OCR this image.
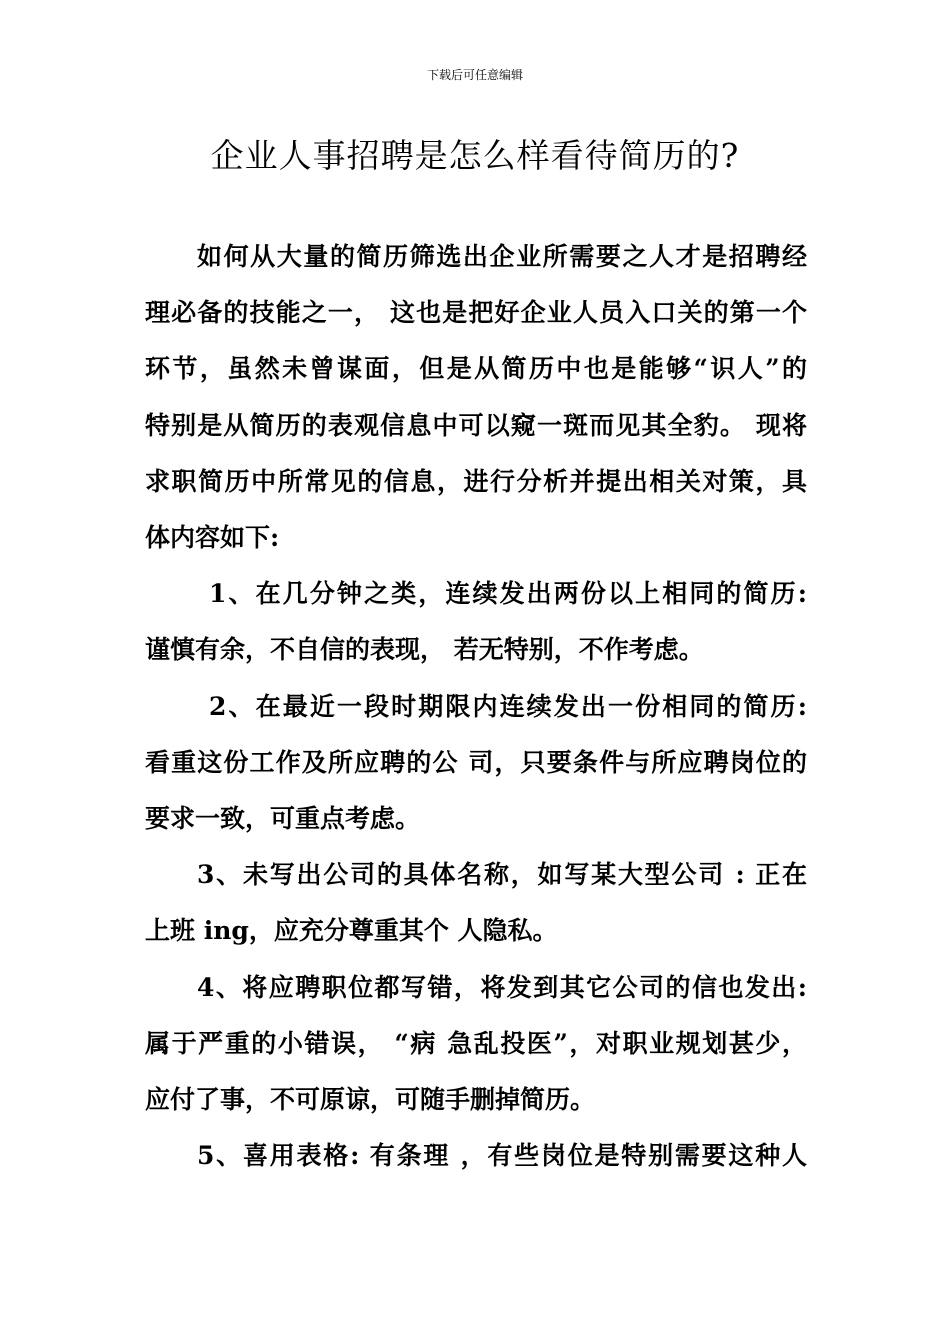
下载后可任意编辑
企业人事招聘是怎么样看待简历的?
如何从大量的简历筛选出企业所需要之人才是招聘经
理必备的技能之一， 这也是把好企业人员入口关的第一个
环节，虽然未曾谋面，但是从简历中也是能够“识人”的
特别是从简历的表观信息中可以窥一斑而见其全豹。 现将
求职简历中所常见的信息，进行分析并提出相关对策，具
体内容如下:
1、在几分钟之类，连续发出两份以上相同的简历:
谨慎有余，不自信的表现， 若无特别，不作考虑。
2、在最近一段时期限内连续发出一份相同的简历:
看重这份工作及所应聘的公 司，只要条件与所应聘岗位的
要求一致，可重点考虑。
3、未写出公司的具体名称，如写某大型公司 : 正在
上班 ing，应充分尊重其个 人隐私。
4、将应聘职位都写错，将发到其它公司的信也发出:
属于严重的小错误， “病 急乱投医”，对职业规划甚少，
应付了事，不可原谅，可随手删掉简历。
5、喜用表格: 有条理 ，有些岗位是特别需要这种人
